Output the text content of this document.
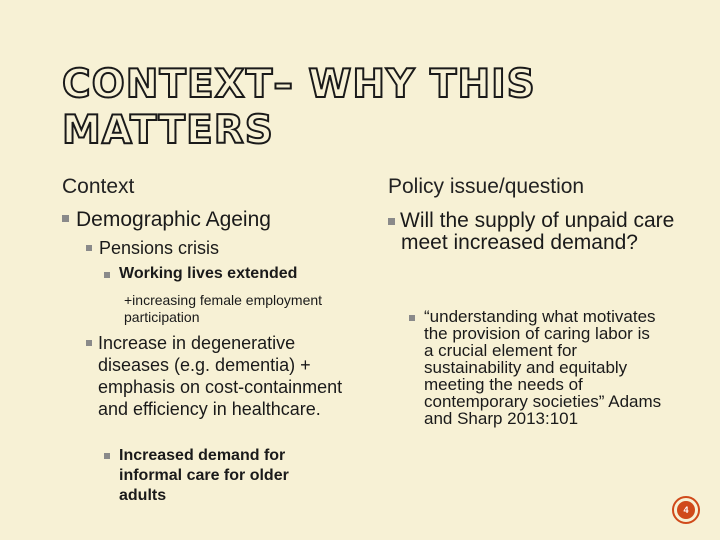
CONTEXT– WHY THIS MATTERS
Context
Demographic Ageing
Pensions crisis
Working lives extended
+increasing female employment participation
Increase in degenerative diseases (e.g. dementia) + emphasis on cost-containment and efficiency in healthcare.
Increased demand for informal care for older adults
Policy issue/question
Will the supply of unpaid care meet increased demand?
“understanding what motivates the provision of caring labor is a crucial element for sustainability and equitably meeting the needs of contemporary societies” Adams and Sharp 2013:101
4
